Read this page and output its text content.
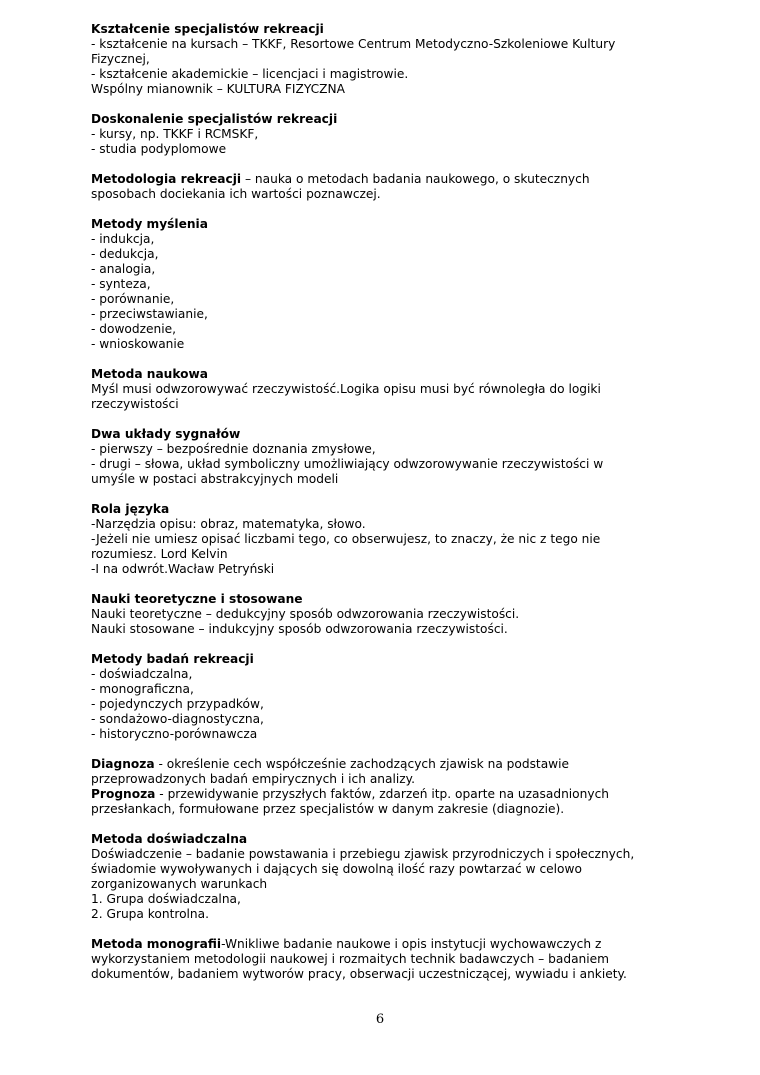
Kształcenie specjalistów rekreacji
- kształcenie na kursach – TKKF, Resortowe Centrum Metodyczno-Szkoleniowe Kultury
Fizycznej,
- kształcenie akademickie – licencjaci i magistrowie.
Wspólny mianownik – KULTURA FIZYCZNA
Doskonalenie specjalistów rekreacji
- kursy, np. TKKF i RCMSKF,
- studia podyplomowe
Metodologia rekreacji – nauka o metodach badania naukowego, o skutecznych
sposobach dociekania ich wartości poznawczej.
Metody myślenia
- indukcja,
- dedukcja,
- analogia,
- synteza,
- porównanie,
- przeciwstawianie,
- dowodzenie,
- wnioskowanie
Metoda naukowa
Myśl musi odwzorowywać rzeczywistość.Logika opisu musi być równoległa do logiki
rzeczywistości
Dwa układy sygnałów
- pierwszy – bezpośrednie doznania zmysłowe,
- drugi – słowa, układ symboliczny umożliwiający odwzorowywanie rzeczywistości w
umyśle w postaci abstrakcyjnych modeli
Rola języka
-Narzędzia opisu: obraz, matematyka, słowo.
-Jeżeli nie umiesz opisać liczbami tego, co obserwujesz, to znaczy, że nic z tego nie
rozumiesz. Lord Kelvin
-I na odwrót.Wacław Petryński
Nauki teoretyczne i stosowane
Nauki teoretyczne – dedukcyjny sposób odwzorowania rzeczywistości.
Nauki stosowane – indukcyjny sposób odwzorowania rzeczywistości.
Metody badań rekreacji
- doświadczalna,
- monograficzna,
- pojedynczych przypadków,
- sondażowo-diagnostyczna,
- historyczno-porównawcza
Diagnoza - określenie cech współcześnie zachodzących zjawisk na podstawie
przeprowadzonych badań empirycznych i ich analizy.
Prognoza - przewidywanie przyszłych faktów, zdarzeń itp. oparte na uzasadnionych
przesłankach, formułowane przez specjalistów w danym zakresie (diagnozie).
Metoda doświadczalna
Doświadczenie – badanie powstawania i przebiegu zjawisk przyrodniczych i społecznych,
świadomie wywoływanych i dających się dowolną ilość razy powtarzać w celowo
zorganizowanych warunkach
1. Grupa doświadczalna,
2. Grupa kontrolna.
Metoda monografii-Wnikliwe badanie naukowe i opis instytucji wychowawczych z
wykorzystaniem metodologii naukowej i rozmaitych technik badawczych – badaniem
dokumentów, badaniem wytworów pracy, obserwacji uczestniczącej, wywiadu i ankiety.
6
